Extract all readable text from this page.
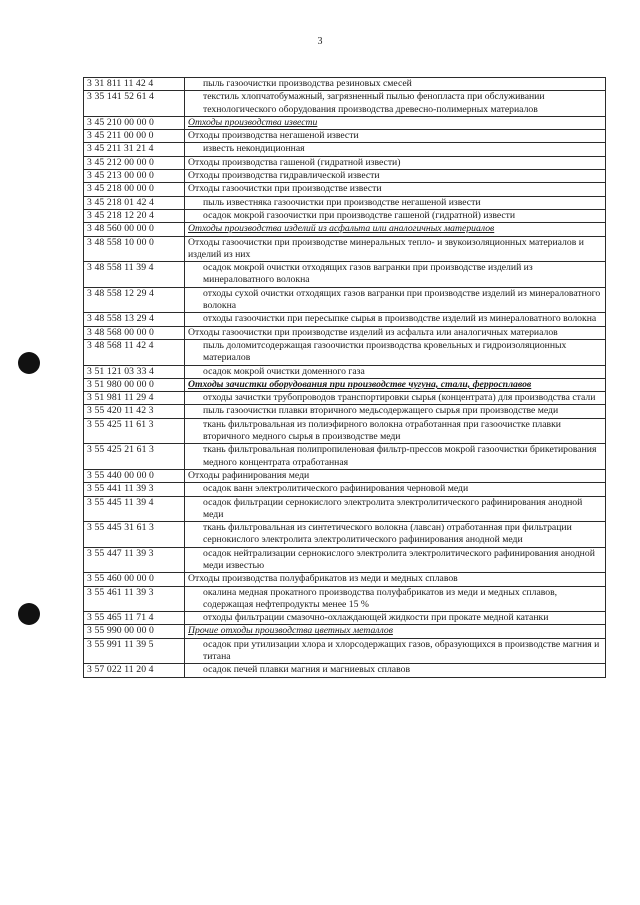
3
3 31 811 11 42 4	пыль газоочистки производства резиновых смесей
3 35 141 52 61 4	текстиль хлопчатобумажный, загрязненный пылью фенопласта при обслуживании технологического оборудования производства древесно-полимерных материалов
3 45 210 00 00 0	Отходы производства извести
3 45 211 00 00 0	Отходы производства негашеной извести
3 45 211 31 21 4	известь некондиционная
3 45 212 00 00 0	Отходы производства гашеной (гидратной извести)
3 45 213 00 00 0	Отходы производства гидравлической извести
3 45 218 00 00 0	Отходы газоочистки при производстве извести
3 45 218 01 42 4	пыль известняка газоочистки при производстве негашеной извести
3 45 218 12 20 4	осадок мокрой газоочистки при производстве гашеной (гидратной) извести
3 48 560 00 00 0	Отходы производства изделий из асфальта или аналогичных материалов
3 48 558 10 00 0	Отходы газоочистки при производстве минеральных тепло- и звукоизоляционных материалов и изделий из них
3 48 558 11 39 4	осадок мокрой очистки отходящих газов вагранки при производстве изделий из минераловатного волокна
3 48 558 12 29 4	отходы сухой очистки отходящих газов вагранки при производстве изделий из минераловатного волокна
3 48 558 13 29 4	отходы газоочистки при пересыпке сырья в производстве изделий из минераловатного волокна
3 48 568 00 00 0	Отходы газоочистки при производстве изделий из асфальта или аналогичных материалов
3 48 568 11 42 4	пыль доломитсодержащая газоочистки производства кровельных и гидроизоляционных материалов
3 51 121 03 33 4	осадок мокрой очистки доменного газа
3 51 980 00 00 0	Отходы зачистки оборудования при производстве чугуна, стали, ферросплавов
3 51 981 11 29 4	отходы зачистки трубопроводов транспортировки сырья (концентрата) для производства стали
3 55 420 11 42 3	пыль газоочистки плавки вторичного медьсодержащего сырья при производстве меди
3 55 425 11 61 3	ткань фильтровальная из полиэфирного волокна отработанная при газоочистке плавки вторичного медного сырья в производстве меди
3 55 425 21 61 3	ткань фильтровальная полипропиленовая фильтр-прессов мокрой газоочистки брикетирования медного концентрата отработанная
3 55 440 00 00 0	Отходы рафинирования меди
3 55 441 11 39 3	осадок ванн электролитического рафинирования черновой меди
3 55 445 11 39 4	осадок фильтрации сернокислого электролита электролитического рафинирования анодной меди
3 55 445 31 61 3	ткань фильтровальная из синтетического волокна (лавсан) отработанная при фильтрации сернокислого электролита электролитического рафинирования анодной меди
3 55 447 11 39 3	осадок нейтрализации сернокислого электролита электролитического рафинирования анодной меди известью
3 55 460 00 00 0	Отходы производства полуфабрикатов из меди и медных сплавов
3 55 461 11 39 3	окалина медная прокатного производства полуфабрикатов из меди и медных сплавов, содержащая нефтепродукты менее 15 %
3 55 465 11 71 4	отходы фильтрации смазочно-охлаждающей жидкости при прокате медной катанки
3 55 990 00 00 0	Прочие отходы производства цветных металлов
3 55 991 11 39 5	осадок при утилизации хлора и хлорсодержащих газов, образующихся в производстве магния и титана
3 57 022 11 20 4	осадок печей плавки магния и магниевых сплавов
